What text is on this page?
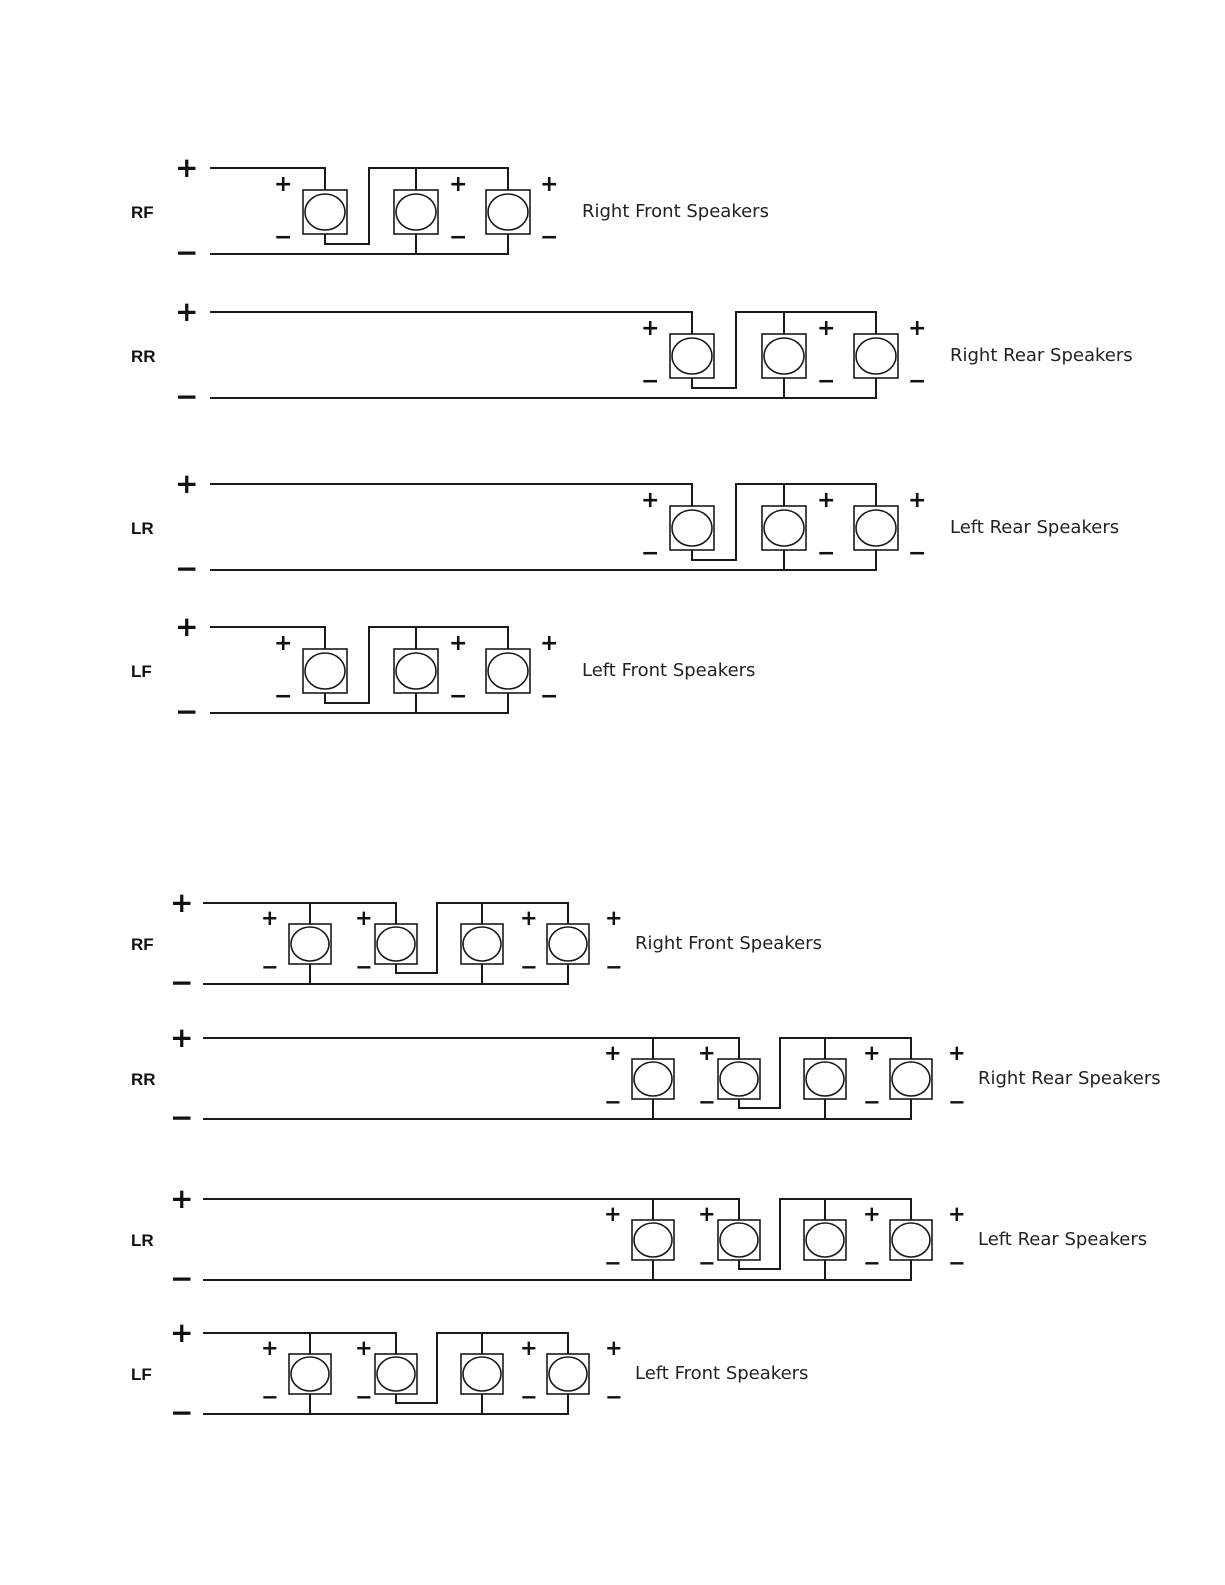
RF
+
−
+
−
+
−
+
−
Right Front Speakers
RR
+
−
+
−
+
−
+
−
Right Rear Speakers
LR
+
−
+
−
+
−
+
−
Left Rear Speakers
LF
+
−
+
−
+
−
+
−
Left Front Speakers
RF
+
−
+
−
+
−
+
−
+
−
Right Front Speakers
RR
+
−
+
−
+
−
+
−
+
−
Right Rear Speakers
LR
+
−
+
−
+
−
+
−
+
−
Left Rear Speakers
LF
+
−
+
−
+
−
+
−
+
−
Left Front Speakers
